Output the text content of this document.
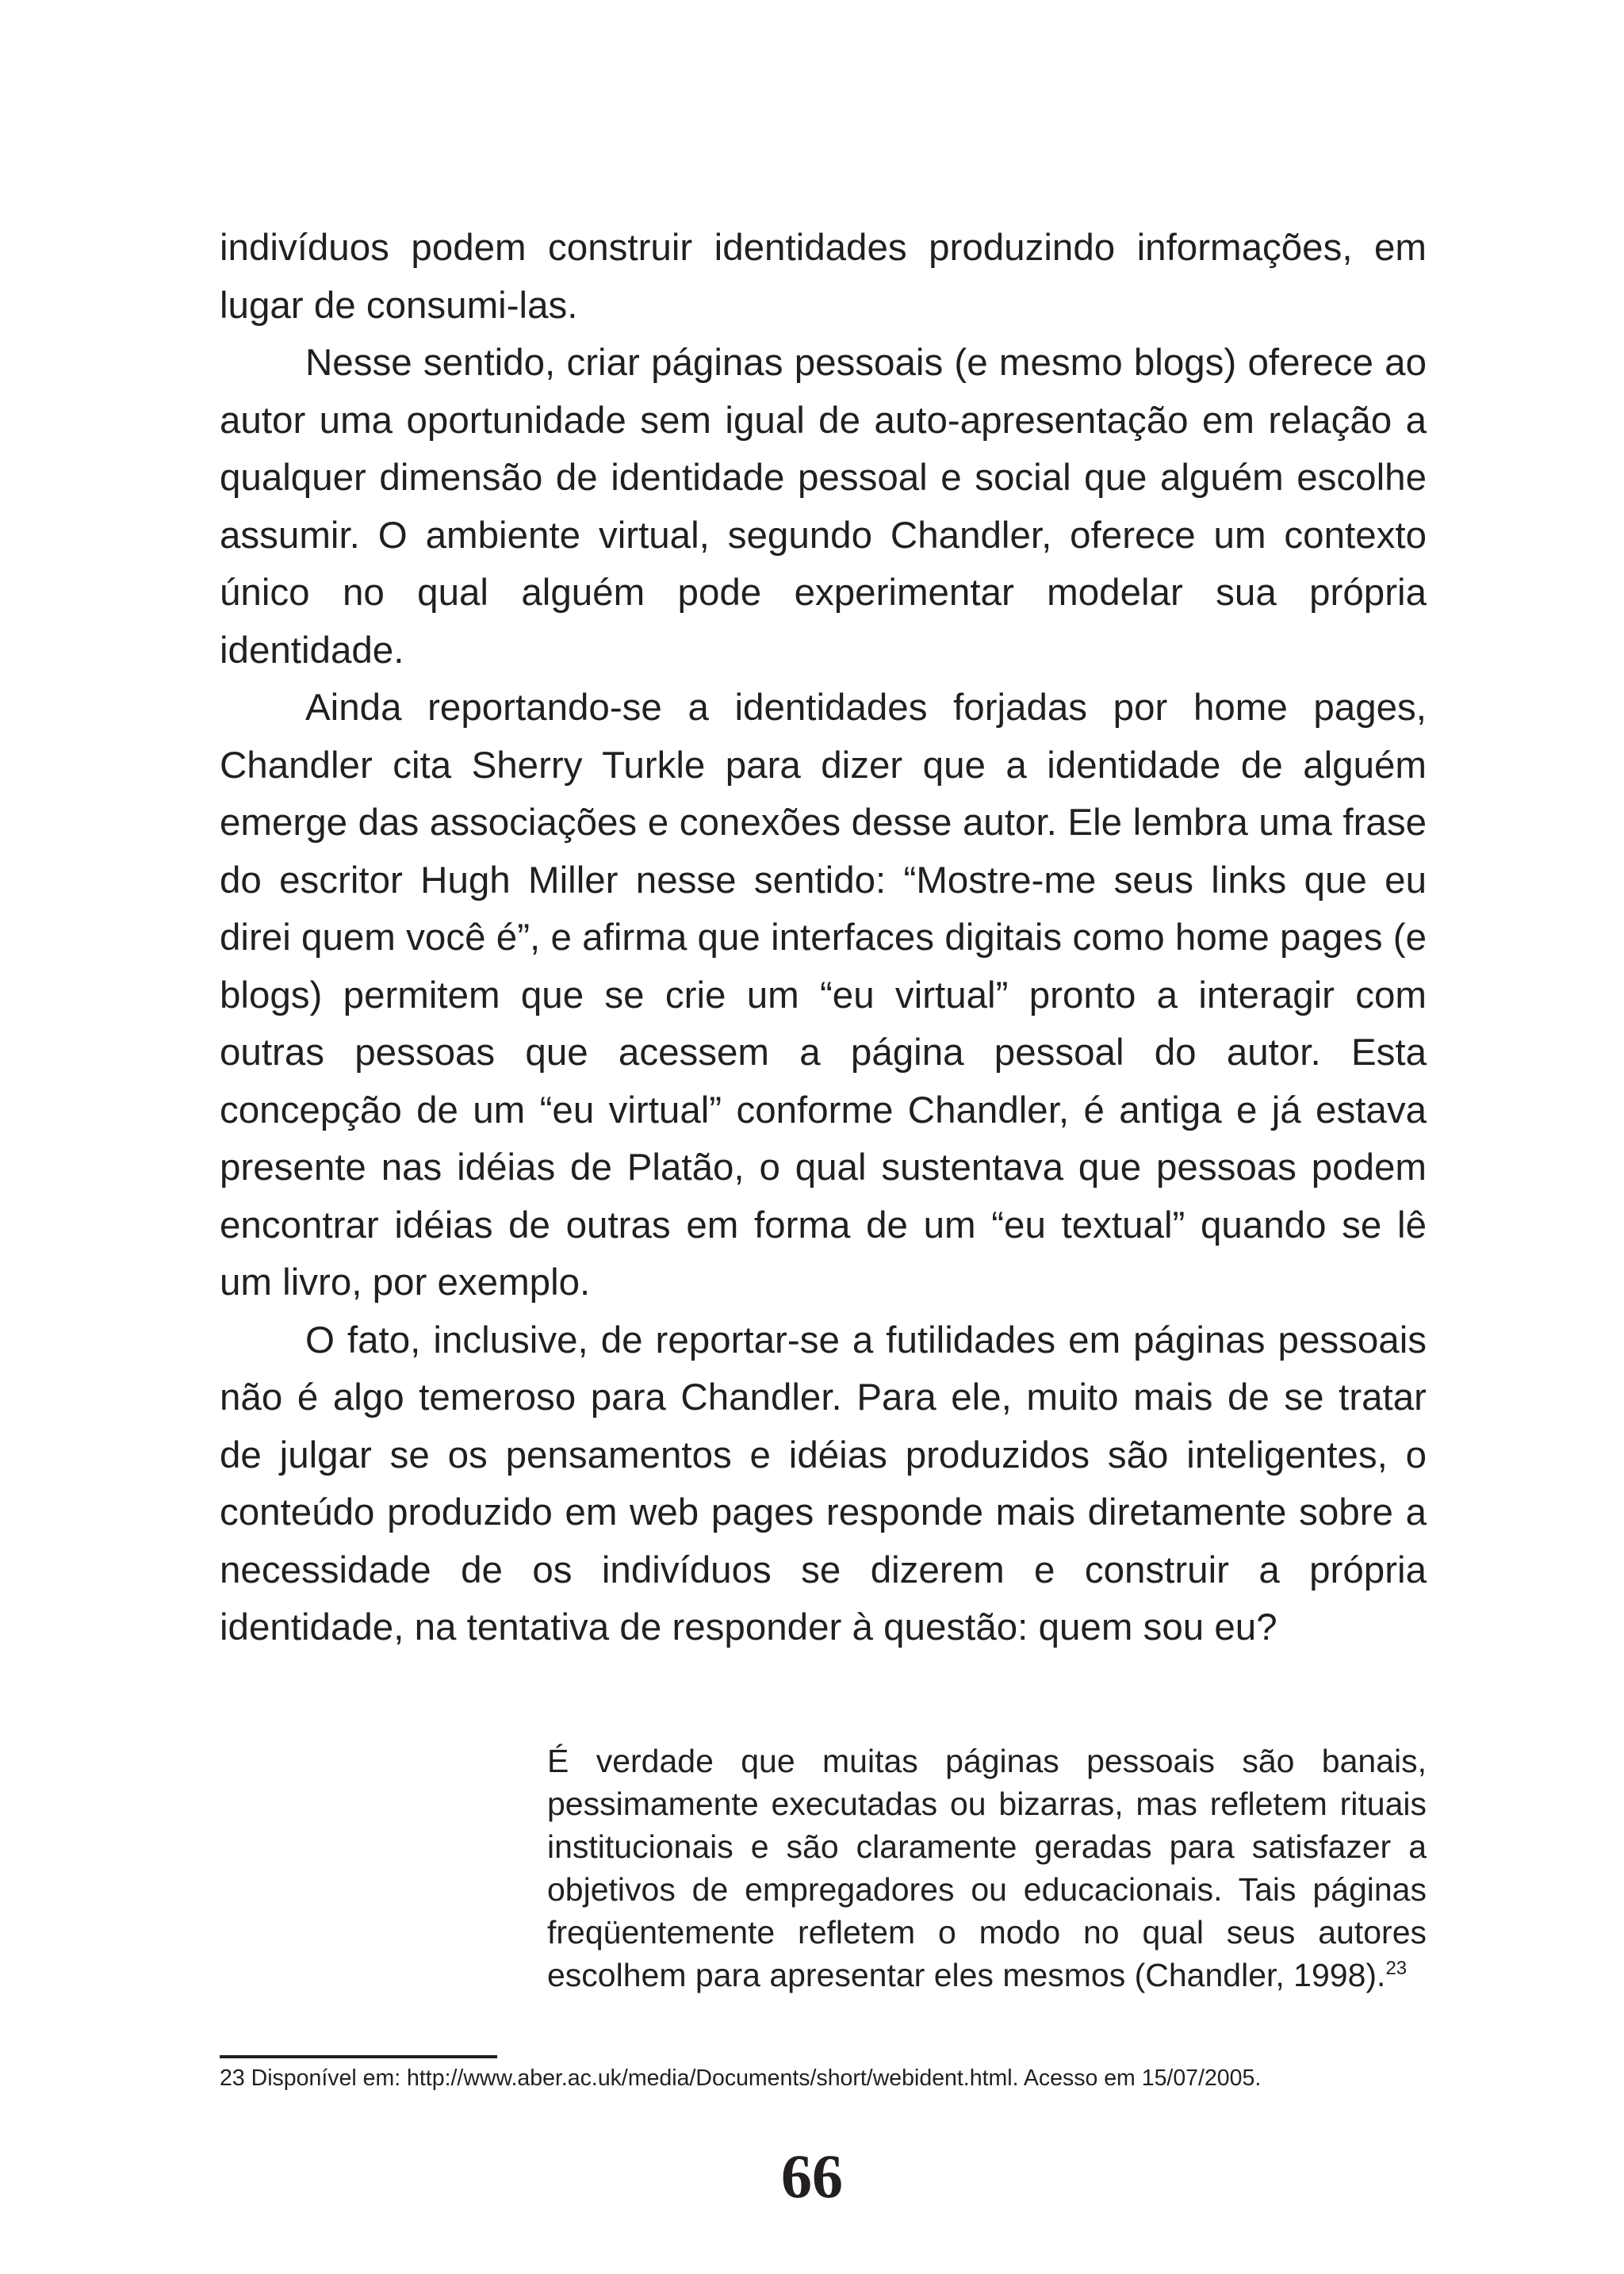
indivíduos podem construir identidades produzindo informações, em lugar de consumi-las.

Nesse sentido, criar páginas pessoais (e mesmo blogs) oferece ao autor uma oportunidade sem igual de auto-apresentação em relação a qualquer dimensão de identidade pessoal e social que alguém escolhe assumir. O ambiente virtual, segundo Chandler, oferece um contexto único no qual alguém pode experimentar modelar sua própria identidade.

Ainda reportando-se a identidades forjadas por home pages, Chandler cita Sherry Turkle para dizer que a identidade de alguém emerge das associações e conexões desse autor. Ele lembra uma frase do escritor Hugh Miller nesse sentido: “Mostre-me seus links que eu direi quem você é”, e afirma que interfaces digitais como home pages (e blogs) permitem que se crie um “eu virtual” pronto a interagir com outras pessoas que acessem a página pessoal do autor. Esta concepção de um “eu virtual” conforme Chandler, é antiga e já estava presente nas idéias de Platão, o qual sustentava que pessoas podem encontrar idéias de outras em forma de um “eu textual” quando se lê um livro, por exemplo.

O fato, inclusive, de reportar-se a futilidades em páginas pessoais não é algo temeroso para Chandler. Para ele, muito mais de se tratar de julgar se os pensamentos e idéias produzidos são inteligentes, o conteúdo produzido em web pages responde mais diretamente sobre a necessidade de os indivíduos se dizerem e construir a própria identidade, na tentativa de responder à questão: quem sou eu?

É verdade que muitas páginas pessoais são banais, pessimamente executadas ou bizarras, mas refletem rituais institucionais e são claramente geradas para satisfazer a objetivos de empregadores ou educacionais. Tais páginas freqüentemente refletem o modo no qual seus autores escolhem para apresentar eles mesmos (Chandler, 1998).$^{23}$

23 Disponível em: http://www.aber.ac.uk/media/Documents/short/webident.html. Acesso em 15/07/2005.
66
